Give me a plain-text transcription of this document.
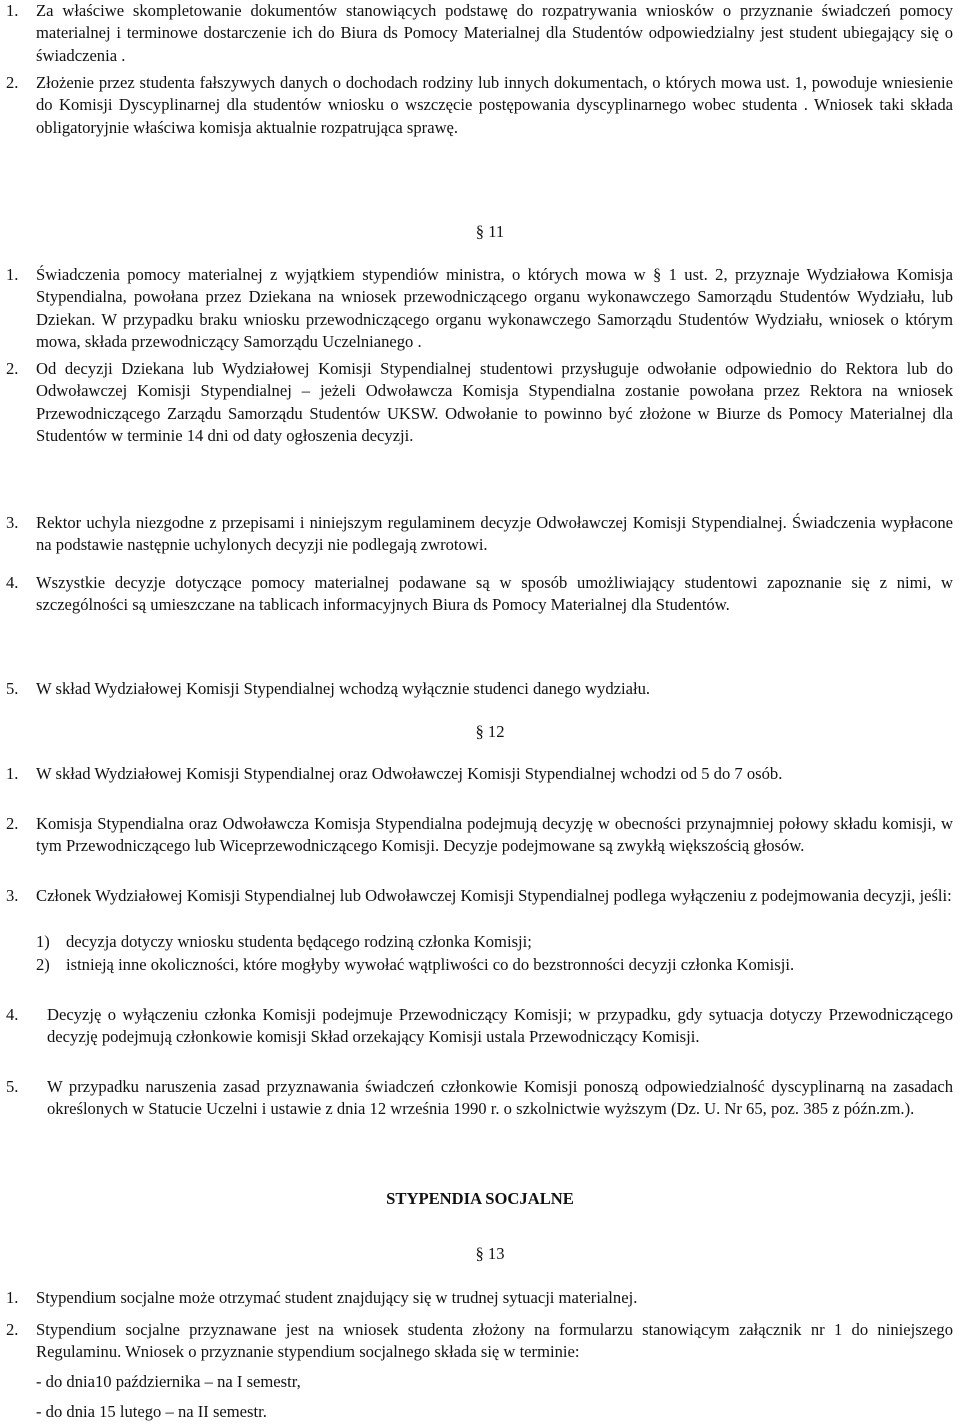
1. Za właściwe skompletowanie dokumentów stanowiących podstawę do rozpatrywania wniosków o przyznanie świadczeń pomocy materialnej i terminowe dostarczenie ich do Biura ds Pomocy Materialnej dla Studentów odpowiedzialny jest student ubiegający się o świadczenia .
2. Złożenie przez studenta fałszywych danych o dochodach rodziny lub innych dokumentach, o których mowa ust. 1, powoduje wniesienie do Komisji Dyscyplinarnej dla studentów wniosku o wszczęcie postępowania dyscyplinarnego wobec studenta . Wniosek taki składa obligatoryjnie właściwa komisja aktualnie rozpatrująca sprawę.
§ 11
1. Świadczenia pomocy materialnej z wyjątkiem stypendiów ministra, o których mowa w § 1 ust. 2, przyznaje Wydziałowa Komisja Stypendialna, powołana przez Dziekana na wniosek przewodniczącego organu wykonawczego Samorządu Studentów Wydziału, lub Dziekan. W przypadku braku wniosku przewodniczącego organu wykonawczego Samorządu Studentów Wydziału, wniosek o którym mowa, składa przewodniczący Samorządu Uczelnianego .
2. Od decyzji Dziekana lub Wydziałowej Komisji Stypendialnej studentowi przysługuje odwołanie odpowiednio do Rektora lub do Odwoławczej Komisji Stypendialnej – jeżeli Odwoławcza Komisja Stypendialna zostanie powołana przez Rektora na wniosek Przewodniczącego Zarządu Samorządu Studentów UKSW. Odwołanie to powinno być złożone w Biurze ds Pomocy Materialnej dla Studentów w terminie 14 dni od daty ogłoszenia decyzji.
3. Rektor uchyla niezgodne z przepisami i niniejszym regulaminem decyzje Odwoławczej Komisji Stypendialnej. Świadczenia wypłacone na podstawie następnie uchylonych decyzji nie podlegają zwrotowi.
4. Wszystkie decyzje dotyczące pomocy materialnej podawane są w sposób umożliwiający studentowi zapoznanie się z nimi, w szczególności są umieszczane na tablicach informacyjnych Biura ds Pomocy Materialnej dla Studentów.
5. W skład Wydziałowej Komisji Stypendialnej wchodzą wyłącznie studenci danego wydziału.
§ 12
1. W skład Wydziałowej Komisji Stypendialnej oraz Odwoławczej Komisji Stypendialnej wchodzi od 5 do 7 osób.
2. Komisja Stypendialna oraz Odwoławcza Komisja Stypendialna podejmują decyzję w obecności przynajmniej połowy składu komisji, w tym Przewodniczącego lub Wiceprzewodniczącego Komisji. Decyzje podejmowane są zwykłą większością głosów.
3. Członek Wydziałowej Komisji Stypendialnej lub Odwoławczej Komisji Stypendialnej podlega wyłączeniu z podejmowania decyzji, jeśli:
1) decyzja dotyczy wniosku studenta będącego rodziną członka Komisji;
2) istnieją inne okoliczności, które mogłyby wywołać wątpliwości co do bezstronności decyzji członka Komisji.
4. Decyzję o wyłączeniu członka Komisji podejmuje Przewodniczący Komisji; w przypadku, gdy sytuacja dotyczy Przewodniczącego decyzję podejmują członkowie komisji Skład orzekający Komisji ustala Przewodniczący Komisji.
5. W przypadku naruszenia zasad przyznawania świadczeń członkowie Komisji ponoszą odpowiedzialność dyscyplinarną na zasadach określonych w Statucie Uczelni i ustawie z dnia 12 września 1990 r. o szkolnictwie wyższym (Dz. U. Nr 65, poz. 385 z późn.zm.).
STYPENDIA SOCJALNE
§ 13
1. Stypendium socjalne może otrzymać student znajdujący się w trudnej sytuacji materialnej.
2. Stypendium socjalne przyznawane jest na wniosek studenta złożony na formularzu stanowiącym załącznik nr 1 do niniejszego Regulaminu. Wniosek o przyznanie stypendium socjalnego składa się w terminie:
- do dnia10 października – na I semestr,
- do dnia 15 lutego – na II semestr.
